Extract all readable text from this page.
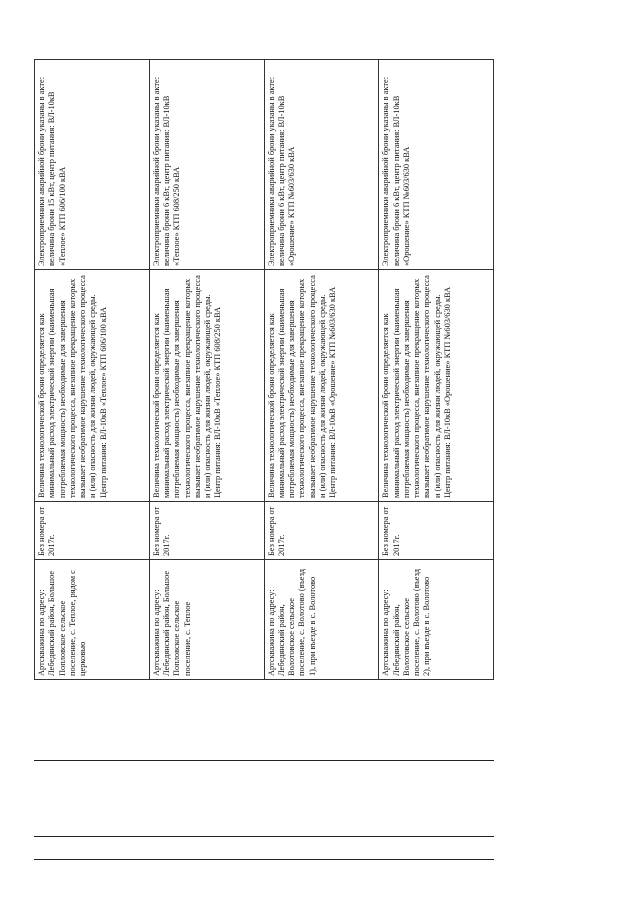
Артскважина по адресу: Лебедянский район, Большое Попловское сельское поселение, с. Теплое, рядом с церковью	Без номера от 2017г.	Величина технологической брони определяется как минимальный расход электрической энергии (наименьшая потребляемая мощность) необходимые для завершения технологического процесса, внезапное прекращение которых вызывает необратимое нарушение технологического процесса и (или) опасность для жизни людей, окружающей среды. Центр питания: ВЛ-10кВ «Теплое» КТП 606/100 кВА	Электроприемники аварийной брони указаны в акте: величина брони 15 кВт, центр питания: ВЛ-10кВ «Теплое» КТП 606/100 кВА
Артскважина по адресу: Лебедянский район, Большое Попловское сельское поселение, с. Теплое	Без номера от 2017г.	Величина технологической брони определяется как минимальный расход электрической энергии (наименьшая потребляемая мощность) необходимые для завершения технологического процесса, внезапное прекращение которых вызывает необратимое нарушение технологического процесса и (или) опасность для жизни людей, окружающей среды. Центр питания: ВЛ-10кВ «Теплое» КТП 608/250 кВА	Электроприемники аварийной брони указаны в акте: величина брони 6 кВт, центр питания: ВЛ-10кВ «Теплое» КТП 608/250 кВА
Артскважина по адресу: Лебедянский район, Волотовское сельское поселение, с. Волотово (въезд 1), при въезде в с. Волотово	Без номера от 2017г.	Величина технологической брони определяется как минимальный расход электрической энергии (наименьшая потребляемая мощность) необходимые для завершения технологического процесса, внезапное прекращение которых вызывает необратимое нарушение технологического процесса и (или) опасность для жизни людей, окружающей среды. Центр питания: ВЛ-10кВ «Орошение» КТП №603/630 кВА	Электроприемники аварийной брони указаны в акте: величина брони 6 кВт, центр питания: ВЛ-10кВ «Орошение» КТП №603/630 кВА
Артскважина по адресу: Лебедянский район, Волотовское сельское поселение, с. Волотово (въезд 2), при въезде в с. Волотово	Без номера от 2017г.	Величина технологической брони определяется как минимальный расход электрической энергии (наименьшая потребляемая мощность) необходимые для завершения технологического процесса, внезапное прекращение которых вызывает необратимое нарушение технологического процесса и (или) опасность для жизни людей, окружающей среды. Центр питания: ВЛ-10кВ «Орошение» КТП №603/630 кВА	Электроприемники аварийной брони указаны в акте: величина брони 6 кВт, центр питания: ВЛ-10кВ «Орошение» КТП №603/630 кВА
